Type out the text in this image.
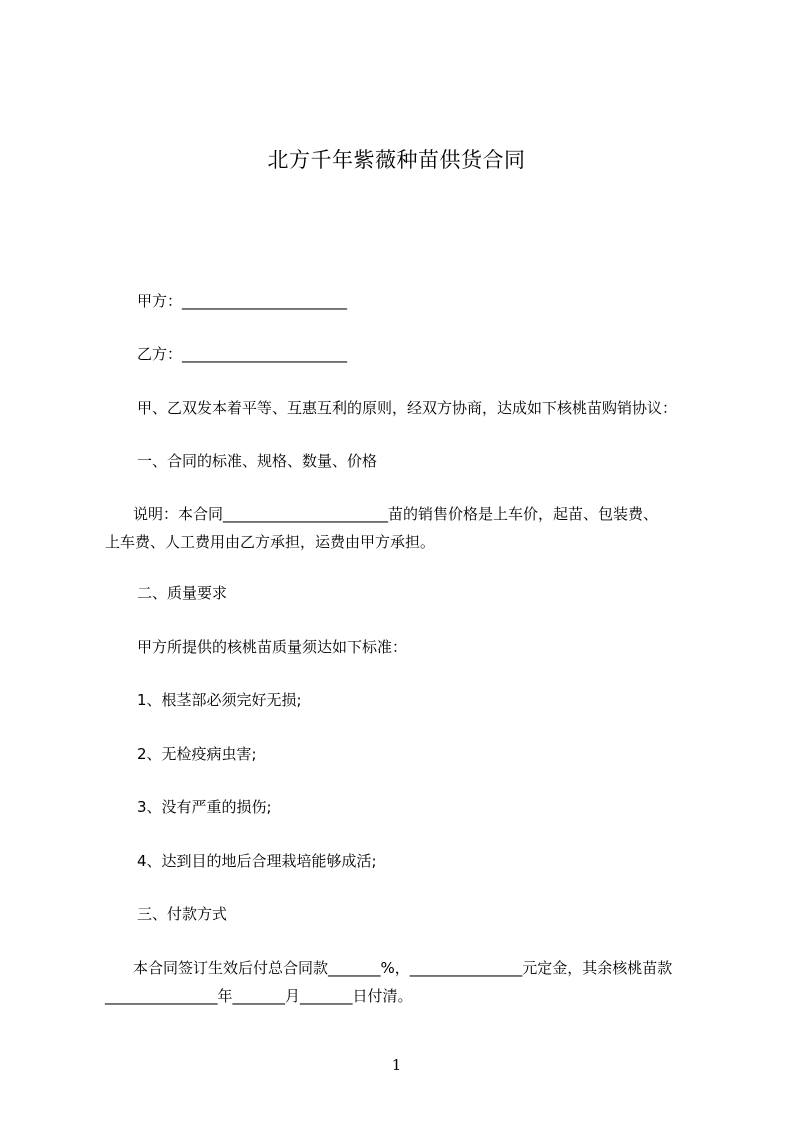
北方千年紫薇种苗供货合同
甲方：______________________
乙方：______________________
甲、乙双发本着平等、互惠互利的原则，经双方协商，达成如下核桃苗购销协议：
一、合同的标准、规格、数量、价格
说明：本合同______________________苗的销售价格是上车价，起苗、包装费、
上车费、人工费用由乙方承担，运费由甲方承担。
二、质量要求
甲方所提供的核桃苗质量须达如下标准：
1、根茎部必须完好无损;
2、无检疫病虫害;
3、没有严重的损伤;
4、达到目的地后合理栽培能够成活;
三、付款方式
本合同签订生效后付总合同款_______%，_______________元定金，其余核桃苗款
_______________年_______月_______日付清。
1
